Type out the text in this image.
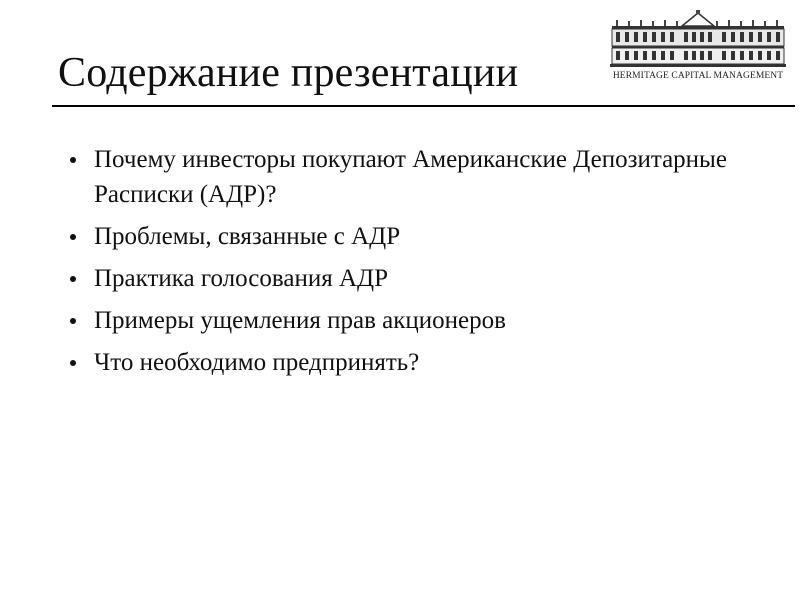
Содержание презентации	HERMITAGE CAPITAL MANAGEMENT
Почему инвесторы покупают Американские Депозитарные Расписки (АДР)?
Проблемы, связанные с АДР
Практика голосования АДР
Примеры ущемления прав акционеров
Что необходимо предпринять?
